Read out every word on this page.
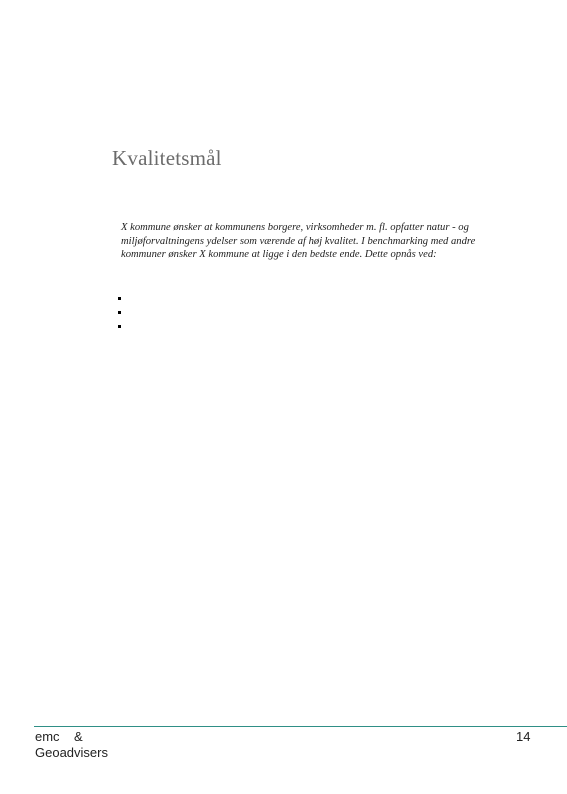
Kvalitetsmål

X kommune ønsker at kommunens borgere, virksomheder m. fl. opfatter natur - og miljøforvaltningens ydelser som værende af høj kvalitet. I benchmarking med andre kommuner ønsker X kommune at ligge i den bedste ende. Dette opnås ved:

emc    &
Geoadvisers
14
